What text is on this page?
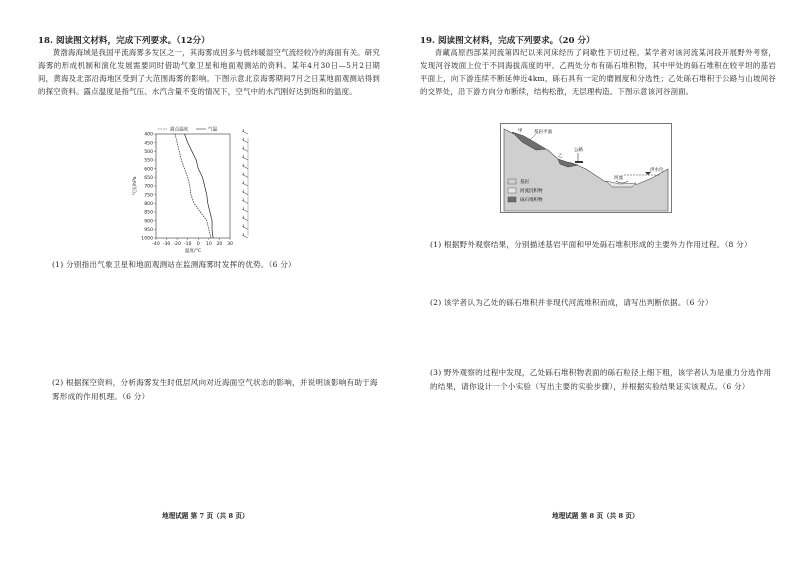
18. 阅读图文材料，完成下列要求。（12分）
黄渤海海域是我国平流海雾多发区之一，其海雾成因多与低纬暖湿空气流经较冷的海面有关。研究海雾的形成机制和演化发展需要同时借助气象卫星和地面观测站的资料。某年4月30日—5月2日期间，黄海及北部沿海地区受到了大范围海雾的影响。下图示意北京海雾期间7月之日某地面观测站得到的探空资料。露点温度是指气压、水汽含量不变的情况下，空气中的水汽刚好达到饱和的温度。
400
450
500
550
600
650
700
750
800
850
900
950
1000
-40 -30 -20 -10 0 10 20 30
气压/hPa
温度/°C
露点温度	气温
(1) 分别指出气象卫星和地面观测站在监测海雾时发挥的优势。（6 分）
(2) 根据探空资料，分析海雾发生时低层风向对近海面空气状态的影响，并说明该影响有助于海雾形成的作用机理。（6 分）
地理试题 第 7 页（共 8 页）
19. 阅读图文材料，完成下列要求。（20 分）
青藏高原西部某河流第四纪以来河床经历了间歇性下切过程。某学者对该河流某河段开展野外考察，发现河谷坡面上位于不同海拔高度的甲、乙两处分布有砾石堆积物，其中甲处的砾石堆积在较平坦的基岩平面上，向下游连续不断延伸近4km，砾石具有一定的磨圆度和分选性；乙处砾石堆积于公路与山坡间谷的交界处，沿下游方向分布断续，结构松散，无层理构造。下图示意该河谷剖面。
甲	基岩平面
乙
公路
河流
洪水位
基岩
河流沉积物
砾石堆积物
(1) 根据野外观察结果，分别描述基岩平面和甲处砾石堆积形成的主要外力作用过程。（8 分）
(2) 该学者认为乙处的砾石堆积并非现代河流堆积而成，请写出判断依据。（6 分）
(3) 野外观察的过程中发现，乙处砾石堆积物表面的砾石粒径上细下粗，该学者认为是重力分选作用的结果，请你设计一个小实验（写出主要的实验步骤），并根据实验结果证实该观点。（6 分）
地理试题 第 8 页（共 8 页）
